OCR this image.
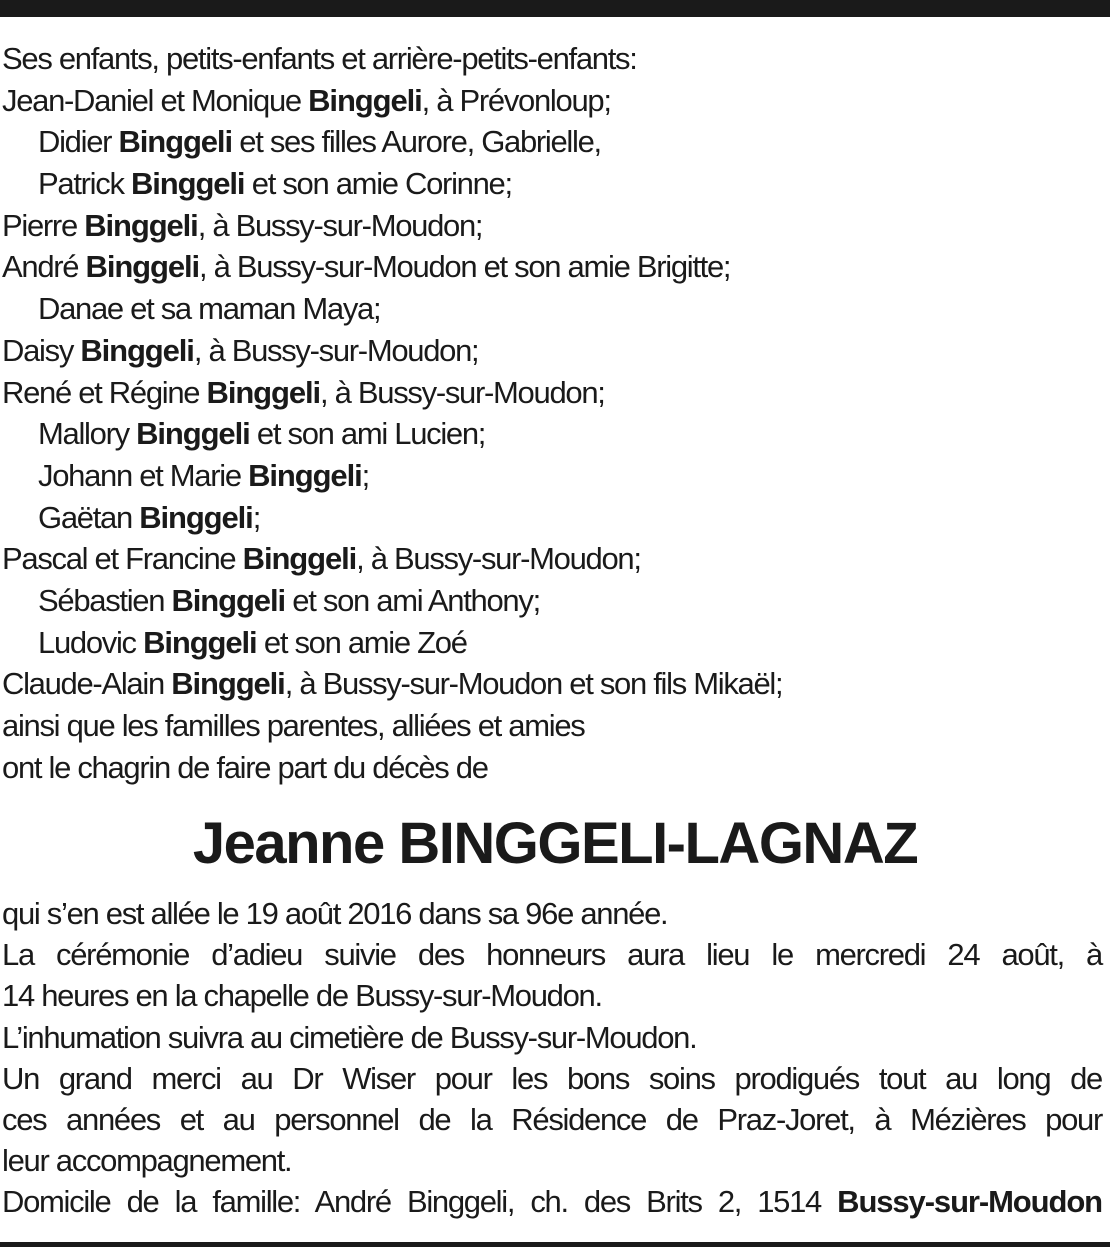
Ses enfants, petits-enfants et arrière-petits-enfants:
Jean-Daniel et Monique Binggeli, à Prévonloup;
Didier Binggeli et ses filles Aurore, Gabrielle,
Patrick Binggeli et son amie Corinne;
Pierre Binggeli, à Bussy-sur-Moudon;
André Binggeli, à Bussy-sur-Moudon et son amie Brigitte;
Danae et sa maman Maya;
Daisy Binggeli, à Bussy-sur-Moudon;
René et Régine Binggeli, à Bussy-sur-Moudon;
Mallory Binggeli et son ami Lucien;
Johann et Marie Binggeli;
Gaëtan Binggeli;
Pascal et Francine Binggeli, à Bussy-sur-Moudon;
Sébastien Binggeli et son ami Anthony;
Ludovic Binggeli et son amie Zoé
Claude-Alain Binggeli, à Bussy-sur-Moudon et son fils Mikaël;
ainsi que les familles parentes, alliées et amies
ont le chagrin de faire part du décès de
Jeanne BINGGELI-LAGNAZ
qui s’en est allée le 19 août 2016 dans sa 96e année.
La cérémonie d’adieu suivie des honneurs aura lieu le mercredi 24 août, à
14 heures en la chapelle de Bussy-sur-Moudon.
L’inhumation suivra au cimetière de Bussy-sur-Moudon.
Un grand merci au Dr Wiser pour les bons soins prodigués tout au long de
ces années et au personnel de la Résidence de Praz-Joret, à Mézières pour
leur accompagnement.
Domicile de la famille: André Binggeli, ch. des Brits 2, 1514 Bussy-sur-Moudon
